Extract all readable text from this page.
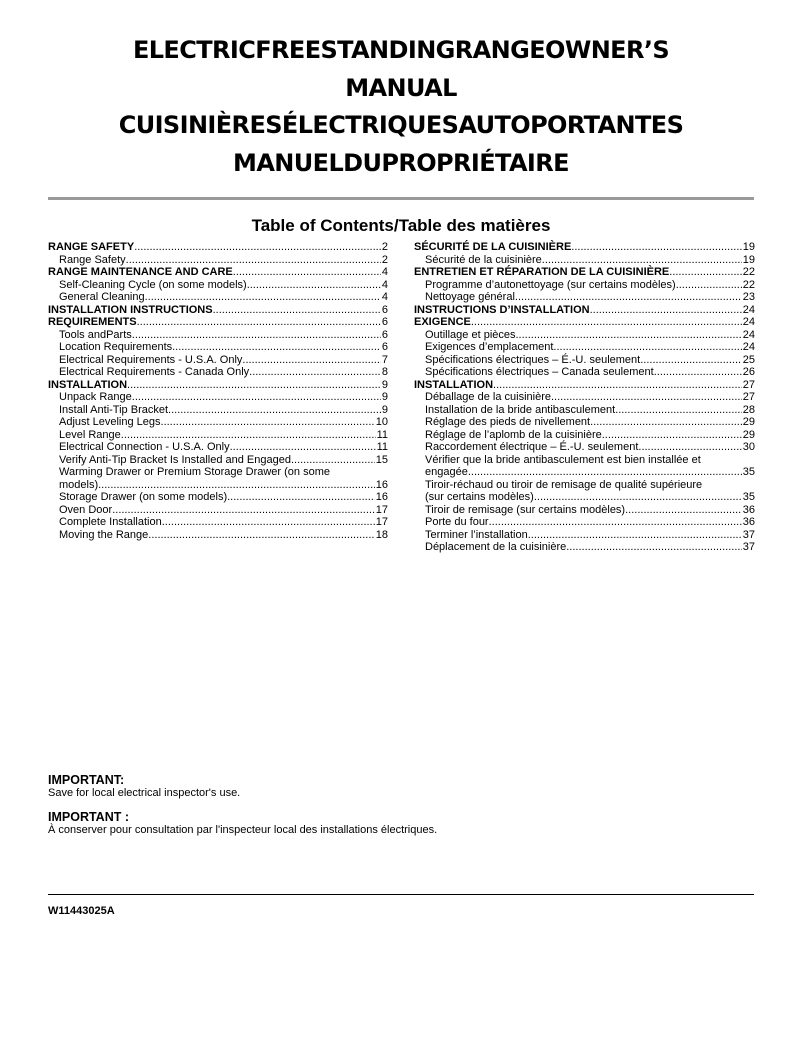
ELECTRICFREESTANDINGRANGEOWNER’S
MANUAL
CUISINIÈRESÉLECTRIQUESAUTOPORTANTES
MANUELDUPROPRIÉTAIRE
Table of Contents/Table des matières
RANGE SAFETY .....	2
Range Safety .....	2
RANGE MAINTENANCE AND CARE .....	4
Self-Cleaning Cycle (on some models) .....	4
General Cleaning .....	4
INSTALLATION INSTRUCTIONS .....	6
REQUIREMENTS .....	6
Tools andParts .....	6
Location Requirements .....	6
Electrical Requirements - U.S.A. Only .....	7
Electrical Requirements - Canada Only .....	8
INSTALLATION .....	9
Unpack Range .....	9
Install Anti-Tip Bracket .....	9
Adjust Leveling Legs .....	10
Level Range .....	11
Electrical Connection - U.S.A. Only .....	11
Verify Anti-Tip Bracket Is Installed and Engaged .....	15
Warming Drawer or Premium Storage Drawer (on some
models) .....	16
Storage Drawer (on some models) .....	16
Oven Door .....	17
Complete Installation .....	17
Moving the Range .....	18
SÉCURITÉ DE LA CUISINIÈRE .....	19
Sécurité de la cuisinière .....	19
ENTRETIEN ET RÉPARATION DE LA CUISINIÈRE .....	22
Programme d’autonettoyage (sur certains modèles) .....	22
Nettoyage général .....	23
INSTRUCTIONS D’INSTALLATION .....	24
EXIGENCE .....	24
Outillage et pièces .....	24
Exigences d’emplacement .....	24
Spécifications électriques – É.-U. seulement .....	25
Spécifications électriques – Canada seulement .....	26
INSTALLATION .....	27
Déballage de la cuisinière .....	27
Installation de la bride antibasculement .....	28
Réglage des pieds de nivellement .....	29
Réglage de l’aplomb de la cuisinière .....	29
Raccordement électrique – É.-U. seulement .....	30
Vérifier que la bride antibasculement est bien installée et
engagée .....	35
Tiroir-réchaud ou tiroir de remisage de qualité supérieure
(sur certains modèles) .....	35
Tiroir de remisage (sur certains modèles) .....	36
Porte du four .....	36
Terminer l’installation .....	37
Déplacement de la cuisinière .....	37
IMPORTANT:
Save for local electrical inspector's use.
IMPORTANT :
À conserver pour consultation par l'inspecteur local des installations électriques.
W11443025A
